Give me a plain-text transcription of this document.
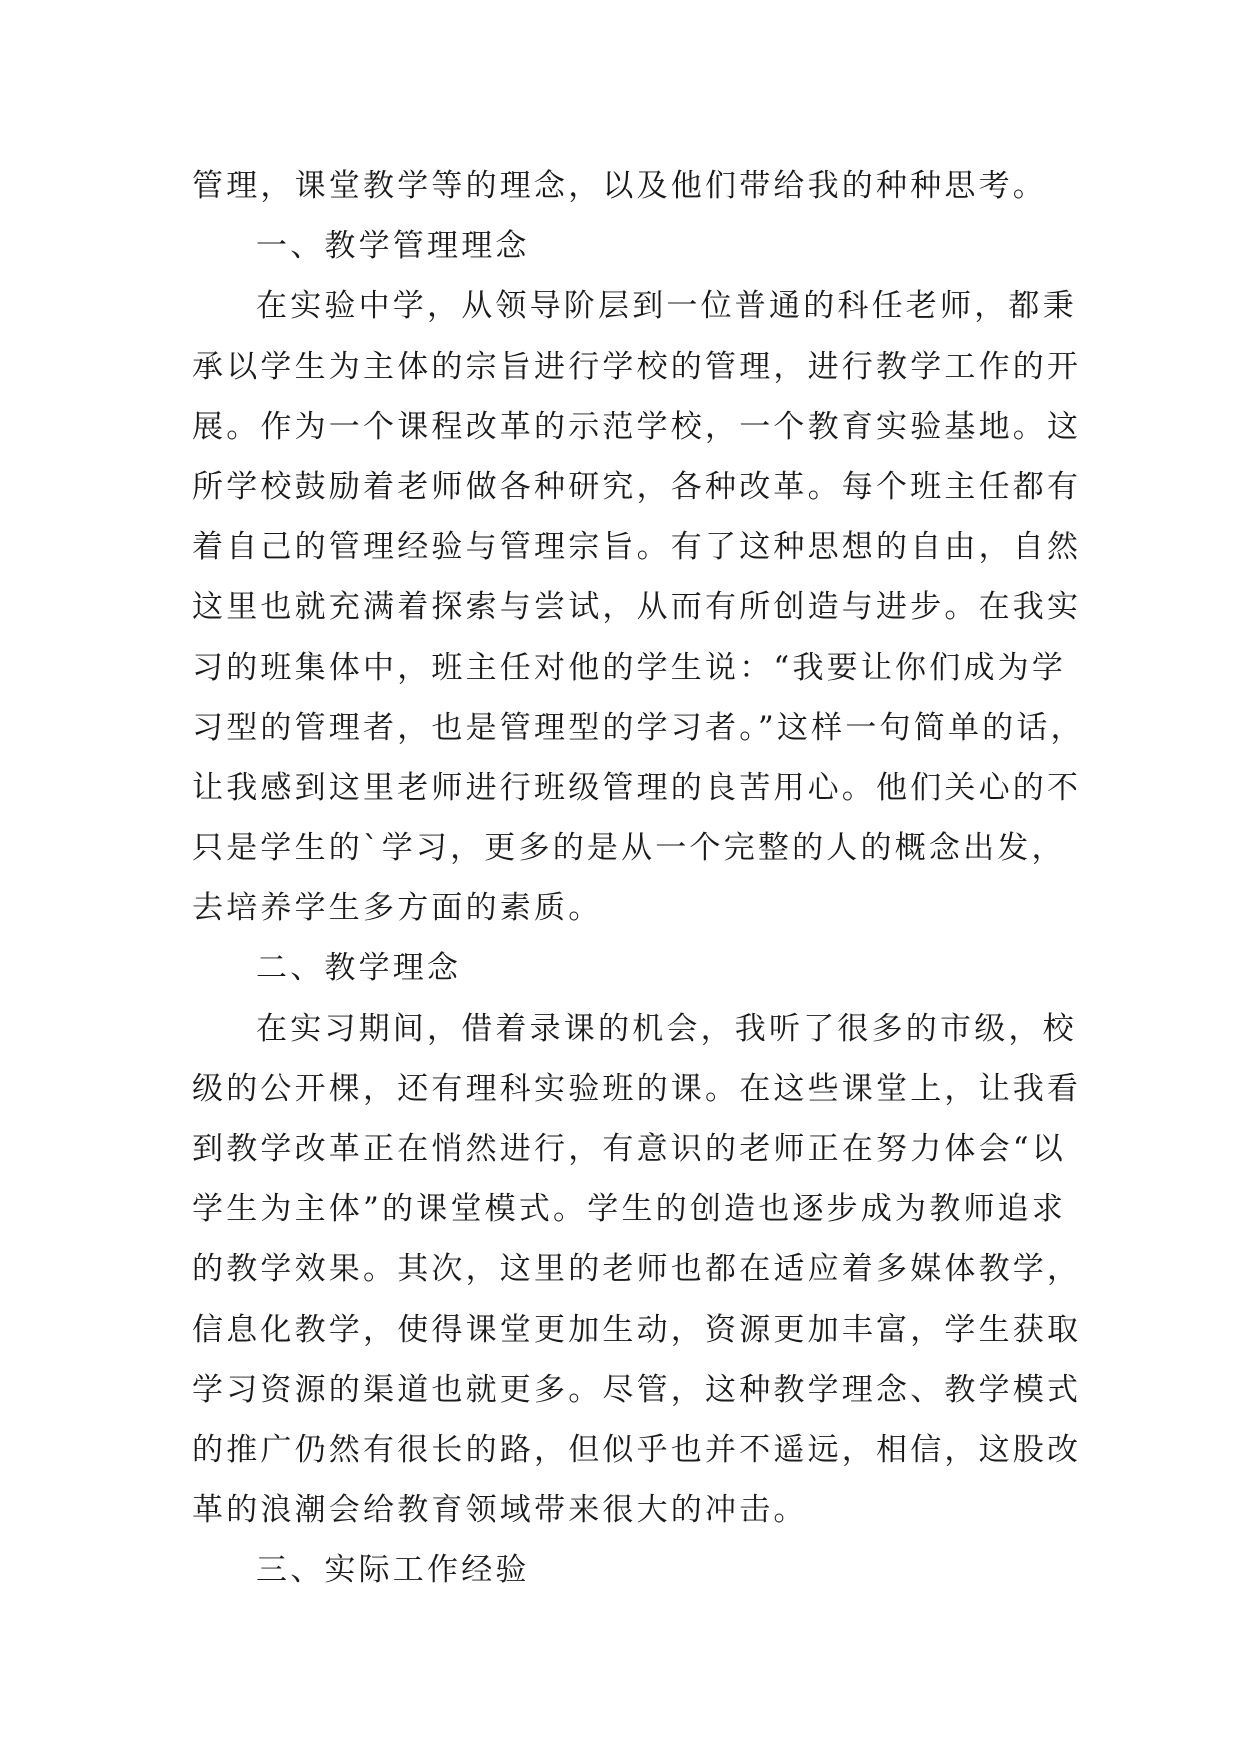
管理，课堂教学等的理念，以及他们带给我的种种思考。
一、教学管理理念
在实验中学，从领导阶层到一位普通的科任老师，都秉
承以学生为主体的宗旨进行学校的管理，进行教学工作的开
展。作为一个课程改革的示范学校，一个教育实验基地。这
所学校鼓励着老师做各种研究，各种改革。每个班主任都有
着自己的管理经验与管理宗旨。有了这种思想的自由，自然
这里也就充满着探索与尝试，从而有所创造与进步。在我实
习的班集体中，班主任对他的学生说：“我要让你们成为学
习型的管理者，也是管理型的学习者。”这样一句简单的话，
让我感到这里老师进行班级管理的良苦用心。他们关心的不
只是学生的`学习，更多的是从一个完整的人的概念出发，
去培养学生多方面的素质。
二、教学理念
在实习期间，借着录课的机会，我听了很多的市级，校
级的公开棵，还有理科实验班的课。在这些课堂上，让我看
到教学改革正在悄然进行，有意识的老师正在努力体会“以
学生为主体”的课堂模式。学生的创造也逐步成为教师追求
的教学效果。其次，这里的老师也都在适应着多媒体教学，
信息化教学，使得课堂更加生动，资源更加丰富，学生获取
学习资源的渠道也就更多。尽管，这种教学理念、教学模式
的推广仍然有很长的路，但似乎也并不遥远，相信，这股改
革的浪潮会给教育领域带来很大的冲击。
三、实际工作经验
